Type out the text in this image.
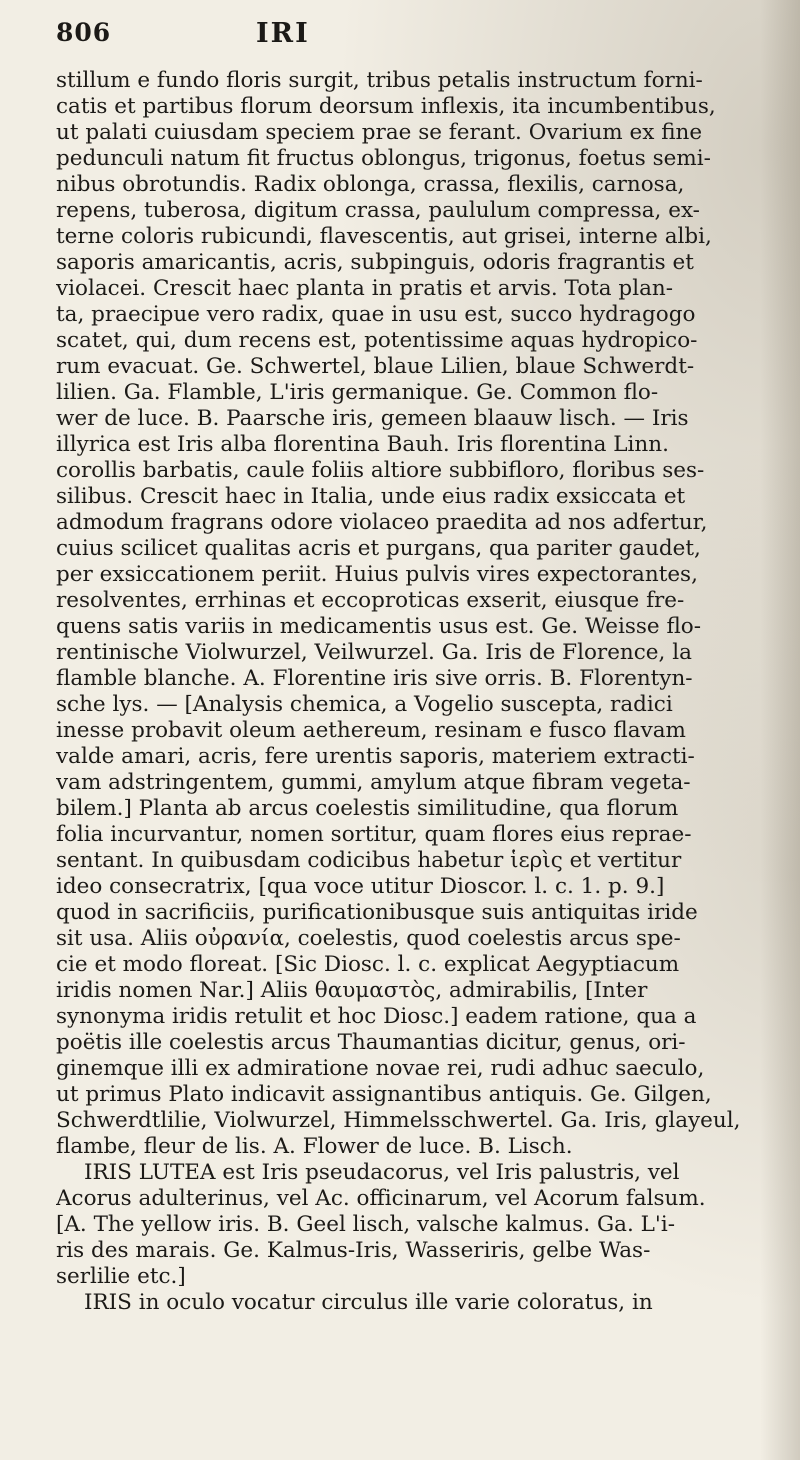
806	IRI
stillum e fundo floris surgit, tribus petalis instructum forni-
catis et partibus florum deorsum inflexis, ita incumbentibus,
ut palati cuiusdam speciem prae se ferant. Ovarium ex fine
pedunculi natum fit fructus oblongus, trigonus, foetus semi-
nibus obrotundis. Radix oblonga, crassa, flexilis, carnosa,
repens, tuberosa, digitum crassa, paululum compressa, ex-
terne coloris rubicundi, flavescentis, aut grisei, interne albi,
saporis amaricantis, acris, subpinguis, odoris fragrantis et
violacei. Crescit haec planta in pratis et arvis. Tota plan-
ta, praecipue vero radix, quae in usu est, succo hydragogo
scatet, qui, dum recens est, potentissime aquas hydropico-
rum evacuat. Ge. Schwertel, blaue Lilien, blaue Schwerdt-
lilien. Ga. Flamble, L'iris germanique. Ge. Common flo-
wer de luce. B. Paarsche iris, gemeen blaauw lisch. — Iris
illyrica est Iris alba florentina Bauh. Iris florentina Linn.
corollis barbatis, caule foliis altiore subbifloro, floribus ses-
silibus. Crescit haec in Italia, unde eius radix exsiccata et
admodum fragrans odore violaceo praedita ad nos adfertur,
cuius scilicet qualitas acris et purgans, qua pariter gaudet,
per exsiccationem periit. Huius pulvis vires expectorantes,
resolventes, errhinas et eccoproticas exserit, eiusque fre-
quens satis variis in medicamentis usus est. Ge. Weisse flo-
rentinische Violwurzel, Veilwurzel. Ga. Iris de Florence, la
flamble blanche. A. Florentine iris sive orris. B. Florentyn-
sche lys. — [Analysis chemica, a Vogelio suscepta, radici
inesse probavit oleum aethereum, resinam e fusco flavam
valde amari, acris, fere urentis saporis, materiem extracti-
vam adstringentem, gummi, amylum atque fibram vegeta-
bilem.] Planta ab arcus coelestis similitudine, qua florum
folia incurvantur, nomen sortitur, quam flores eius reprae-
sentant. In quibusdam codicibus habetur ἱερὶς et vertitur
ideo consecratrix, [qua voce utitur Dioscor. l. c. 1. p. 9.]
quod in sacrificiis, purificationibusque suis antiquitas iride
sit usa. Aliis οὐρανία, coelestis, quod coelestis arcus spe-
cie et modo floreat. [Sic Diosc. l. c. explicat Aegyptiacum
iridis nomen Nar.] Aliis θαυμαστὸς, admirabilis, [Inter
synonyma iridis retulit et hoc Diosc.] eadem ratione, qua a
poëtis ille coelestis arcus Thaumantias dicitur, genus, ori-
ginemque illi ex admiratione novae rei, rudi adhuc saeculo,
ut primus Plato indicavit assignantibus antiquis. Ge. Gilgen,
Schwerdtlilie, Violwurzel, Himmelsschwertel. Ga. Iris, glayeul,
flambe, fleur de lis. A. Flower de luce. B. Lisch.
IRIS LUTEA est Iris pseudacorus, vel Iris palustris, vel
Acorus adulterinus, vel Ac. officinarum, vel Acorum falsum.
[A. The yellow iris. B. Geel lisch, valsche kalmus. Ga. L'i-
ris des marais. Ge. Kalmus-Iris, Wasseriris, gelbe Was-
serlilie etc.]
IRIS in oculo vocatur circulus ille varie coloratus, in
